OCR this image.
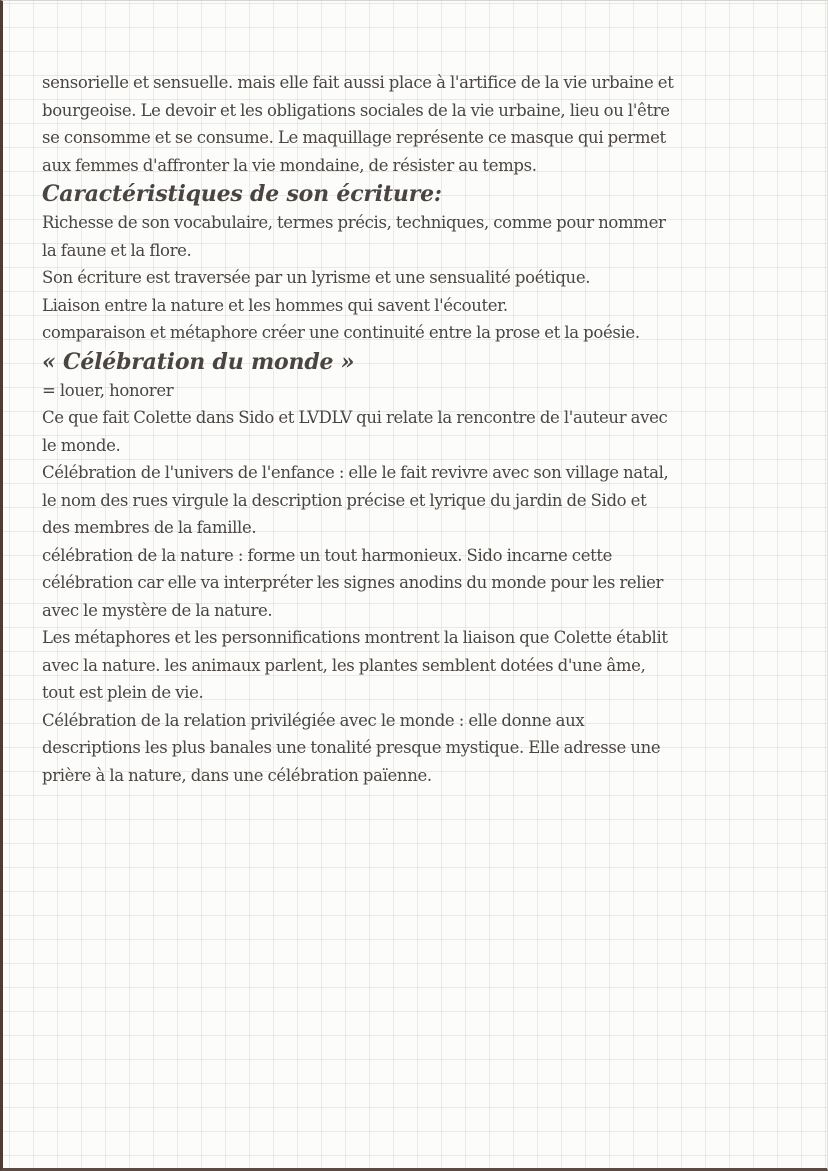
sensorielle et sensuelle. mais elle fait aussi place à l'artifice de la vie urbaine et

bourgeoise. Le devoir et les obligations sociales de la vie urbaine, lieu ou l'être

se consomme et se consume. Le maquillage représente ce masque qui permet

aux femmes d'affronter la vie mondaine, de résister au temps.

Caractéristiques de son écriture:

Richesse de son vocabulaire, termes précis, techniques, comme pour nommer

la faune et la flore.

Son écriture est traversée par un lyrisme et une sensualité poétique.

Liaison entre la nature et les hommes qui savent l'écouter.

comparaison et métaphore créer une continuité entre la prose et la poésie.

« Célébration du monde »

= louer, honorer

Ce que fait Colette dans Sido et LVDLV qui relate la rencontre de l'auteur avec

le monde.

Célébration de l'univers de l'enfance : elle le fait revivre avec son village natal,

le nom des rues virgule la description précise et lyrique du jardin de Sido et

des membres de la famille.

célébration de la nature : forme un tout harmonieux. Sido incarne cette

célébration car elle va interpréter les signes anodins du monde pour les relier

avec le mystère de la nature.

Les métaphores et les personnifications montrent la liaison que Colette établit

avec la nature. les animaux parlent, les plantes semblent dotées d'une âme,

tout est plein de vie.

Célébration de la relation privilégiée avec le monde : elle donne aux

descriptions les plus banales une tonalité presque mystique. Elle adresse une

prière à la nature, dans une célébration païenne.
